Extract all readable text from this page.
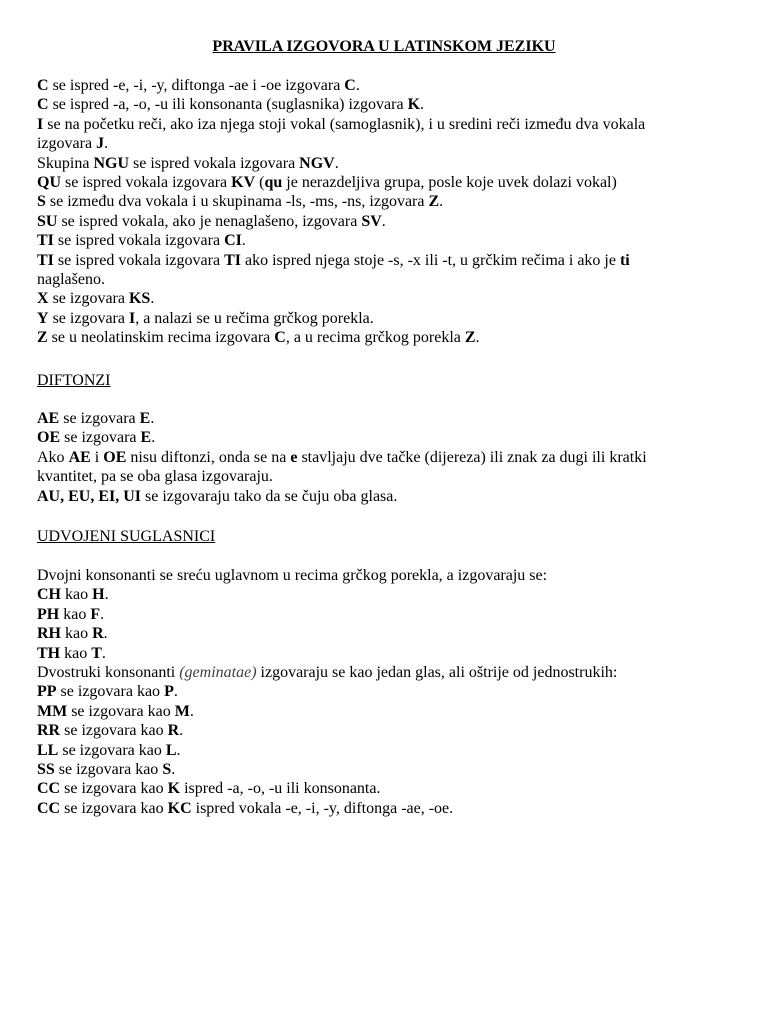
PRAVILA IZGOVORA U LATINSKOM JEZIKU
C se ispred -e, -i, -y, diftonga -ae i -oe izgovara C.
C se ispred -a, -o, -u ili konsonanta (suglasnika) izgovara K.
I se na početku reči, ako iza njega stoji vokal (samoglasnik), i u sredini reči između dva vokala
izgovara J.
Skupina NGU se ispred vokala izgovara NGV.
QU se ispred vokala izgovara KV (qu je nerazdeljiva grupa, posle koje uvek dolazi vokal)
S se između dva vokala i u skupinama -ls, -ms, -ns, izgovara Z.
SU se ispred vokala, ako je nenaglašeno, izgovara SV.
TI se ispred vokala izgovara CI.
TI se ispred vokala izgovara TI ako ispred njega stoje -s, -x ili -t, u grčkim rečima i ako je ti
naglašeno.
X se izgovara KS.
Y se izgovara I, a nalazi se u rečima grčkog porekla.
Z se u neolatinskim recima izgovara C, a u recima grčkog porekla Z.
DIFTONZI
AE se izgovara E.
OE se izgovara E.
Ako AE i OE nisu diftonzi, onda se na e stavljaju dve tačke (dijereza) ili znak za dugi ili kratki
kvantitet, pa se oba glasa izgovaraju.
AU, EU, EI, UI se izgovaraju tako da se čuju oba glasa.
UDVOJENI SUGLASNICI
Dvojni konsonanti se sreću uglavnom u recima grčkog porekla, a izgovaraju se:
CH kao H.
PH kao F.
RH kao R.
TH kao T.
Dvostruki konsonanti (geminatae) izgovaraju se kao jedan glas, ali oštrije od jednostrukih:
PP se izgovara kao P.
MM se izgovara kao M.
RR se izgovara kao R.
LL se izgovara kao L.
SS se izgovara kao S.
CC se izgovara kao K ispred -a, -o, -u ili konsonanta.
CC se izgovara kao KC ispred vokala -e, -i, -y, diftonga -ae, -oe.
